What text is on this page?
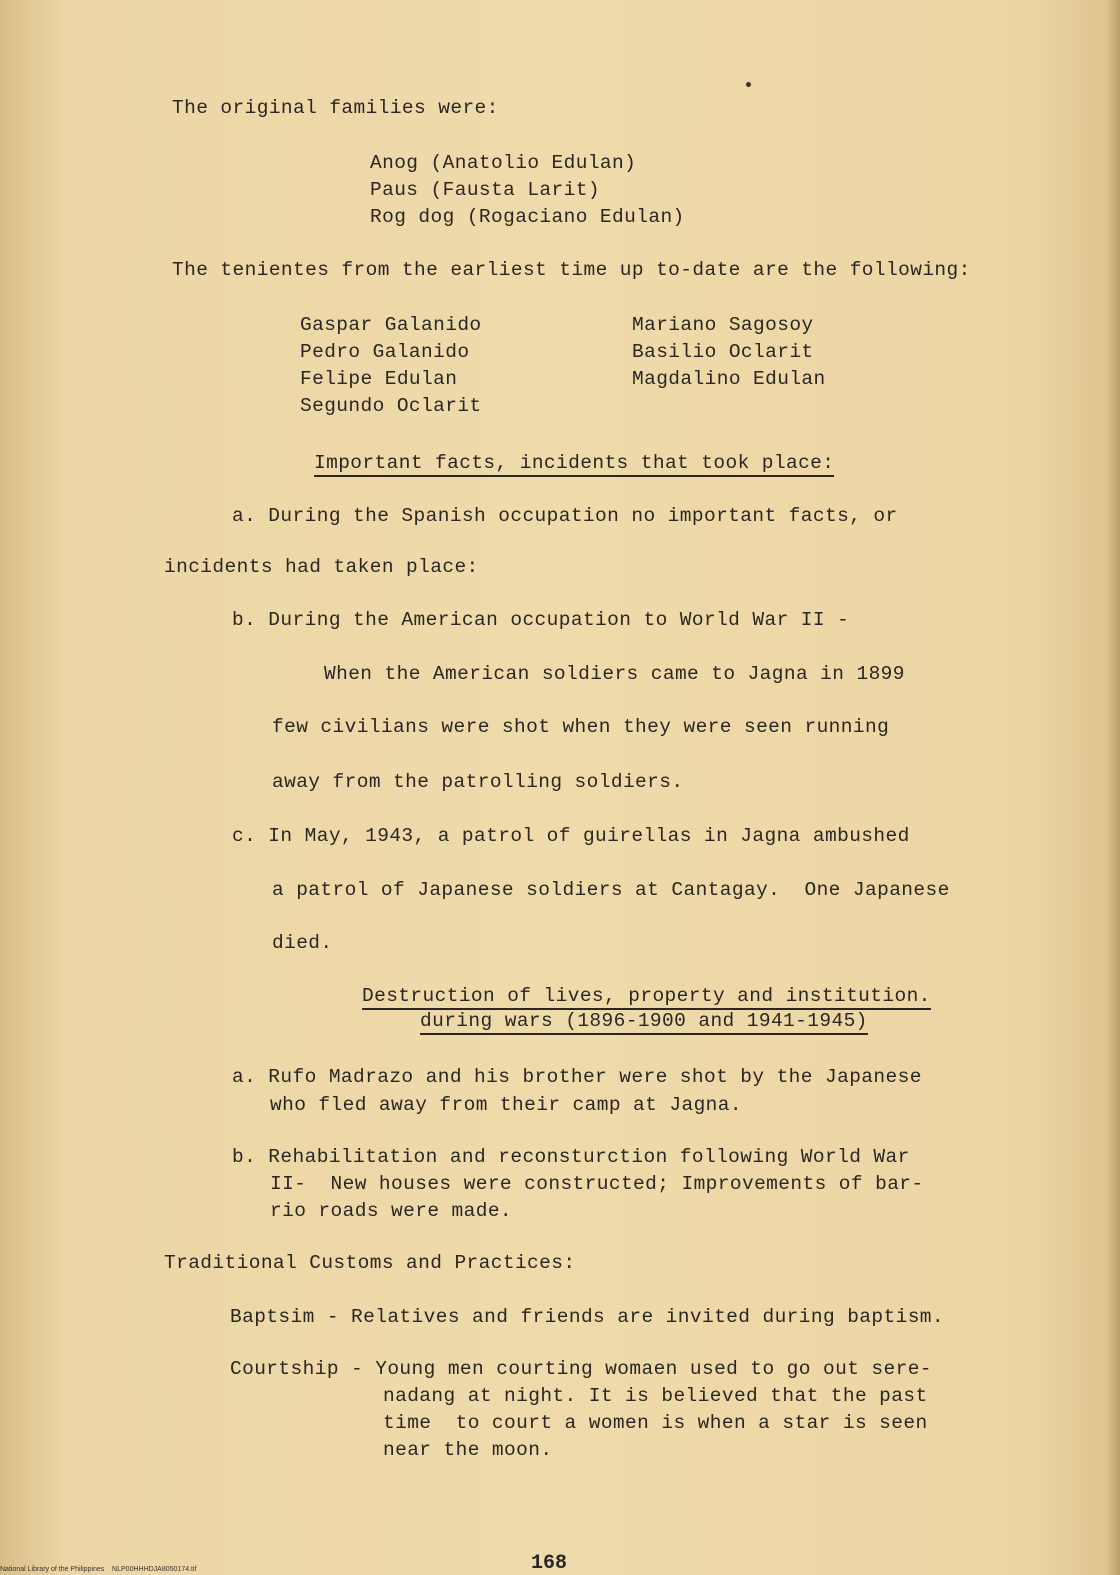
The original families were:
Anog (Anatolio Edulan)
Paus (Fausta Larit)
Rog dog (Rogaciano Edulan)
The tenientes from the earliest time up to-date are the following:
Gaspar Galanido
Pedro Galanido
Felipe Edulan
Segundo Oclarit
Mariano Sagosoy
Basilio Oclarit
Magdalino Edulan
Important facts, incidents that took place:
a. During the Spanish occupation no important facts, or
incidents had taken place:
b. During the American occupation to World War II -
When the American soldiers came to Jagna in 1899
few civilians were shot when they were seen running
away from the patrolling soldiers.
c. In May, 1943, a patrol of guirellas in Jagna ambushed
a patrol of Japanese soldiers at Cantagay.  One Japanese
died.
Destruction of lives, property and institution.
during wars (1896-1900 and 1941-1945)
a. Rufo Madrazo and his brother were shot by the Japanese
who fled away from their camp at Jagna.
b. Rehabilitation and reconsturction following World War
II-  New houses were constructed; Improvements of bar-
rio roads were made.
Traditional Customs and Practices:
Baptsim - Relatives and friends are invited during baptism.
Courtship - Young men courting womaen used to go out sere-
nadang at night. It is believed that the past
time  to court a women is when a star is seen
near the moon.
168
National Library of the Philippines    NLP00HHHDJA8050174.tif
